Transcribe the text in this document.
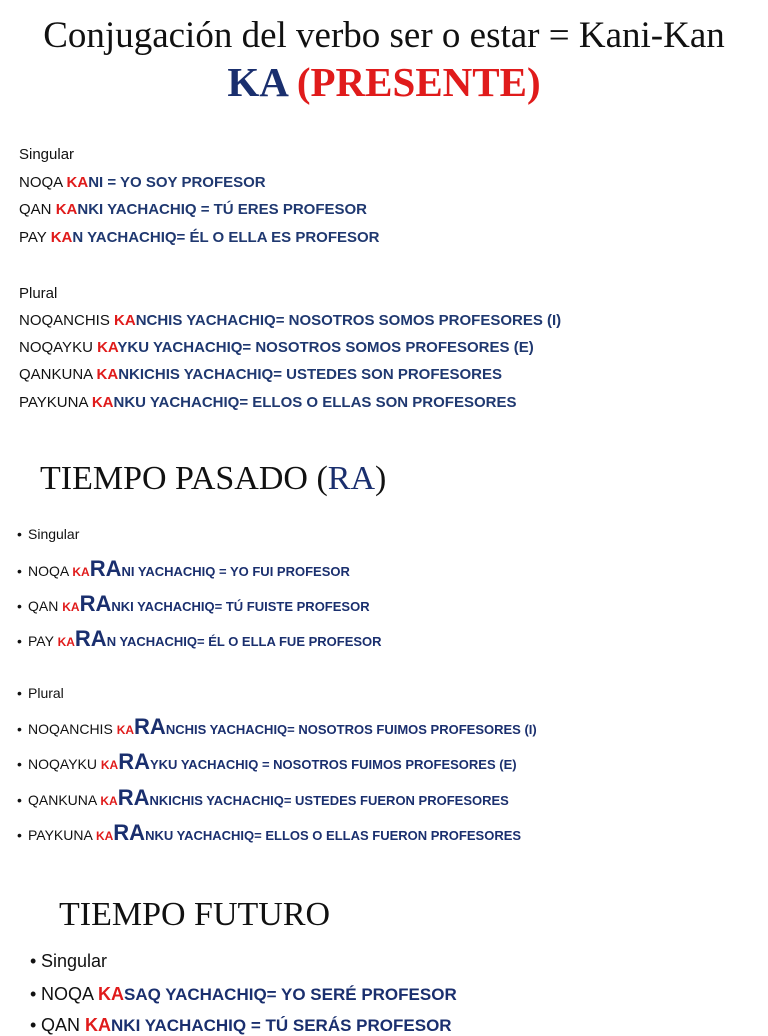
Conjugación del verbo ser o estar = Kani-Kan
KA (PRESENTE)
Singular
NOQA KANI = YO SOY PROFESOR
QAN KANKI YACHACHIQ = TÚ ERES PROFESOR
PAY KAN YACHACHIQ= ÉL O ELLA ES PROFESOR
Plural
NOQANCHIS KANCHIS YACHACHIQ= NOSOTROS SOMOS PROFESORES (I)
NOQAYKU KAYKU YACHACHIQ= NOSOTROS SOMOS PROFESORES (E)
QANKUNA KANKICHIS YACHACHIQ= USTEDES SON PROFESORES
PAYKUNA KANKU YACHACHIQ= ELLOS O ELLAS SON PROFESORES
TIEMPO PASADO (RA)
• Singular
• NOQA KARANI YACHACHIQ = YO FUI PROFESOR
• QAN KARANKI YACHACHIQ= TÚ FUISTE PROFESOR
• PAY KARAN YACHACHIQ= ÉL O ELLA FUE PROFESOR
• Plural
• NOQANCHIS KARANCHIS YACHACHIQ= NOSOTROS FUIMOS PROFESORES (I)
• NOQAYKU KARAYKU YACHACHIQ = NOSOTROS FUIMOS PROFESORES (E)
• QANKUNA KARANKICHIS YACHACHIQ= USTEDES FUERON PROFESORES
• PAYKUNA KARANKU YACHACHIQ= ELLOS O ELLAS FUERON PROFESORES
TIEMPO FUTURO
• Singular
• NOQA KASAQ YACHACHIQ= YO SERÉ PROFESOR
• QAN KANKI YACHACHIQ = TÚ SERÁS PROFESOR
